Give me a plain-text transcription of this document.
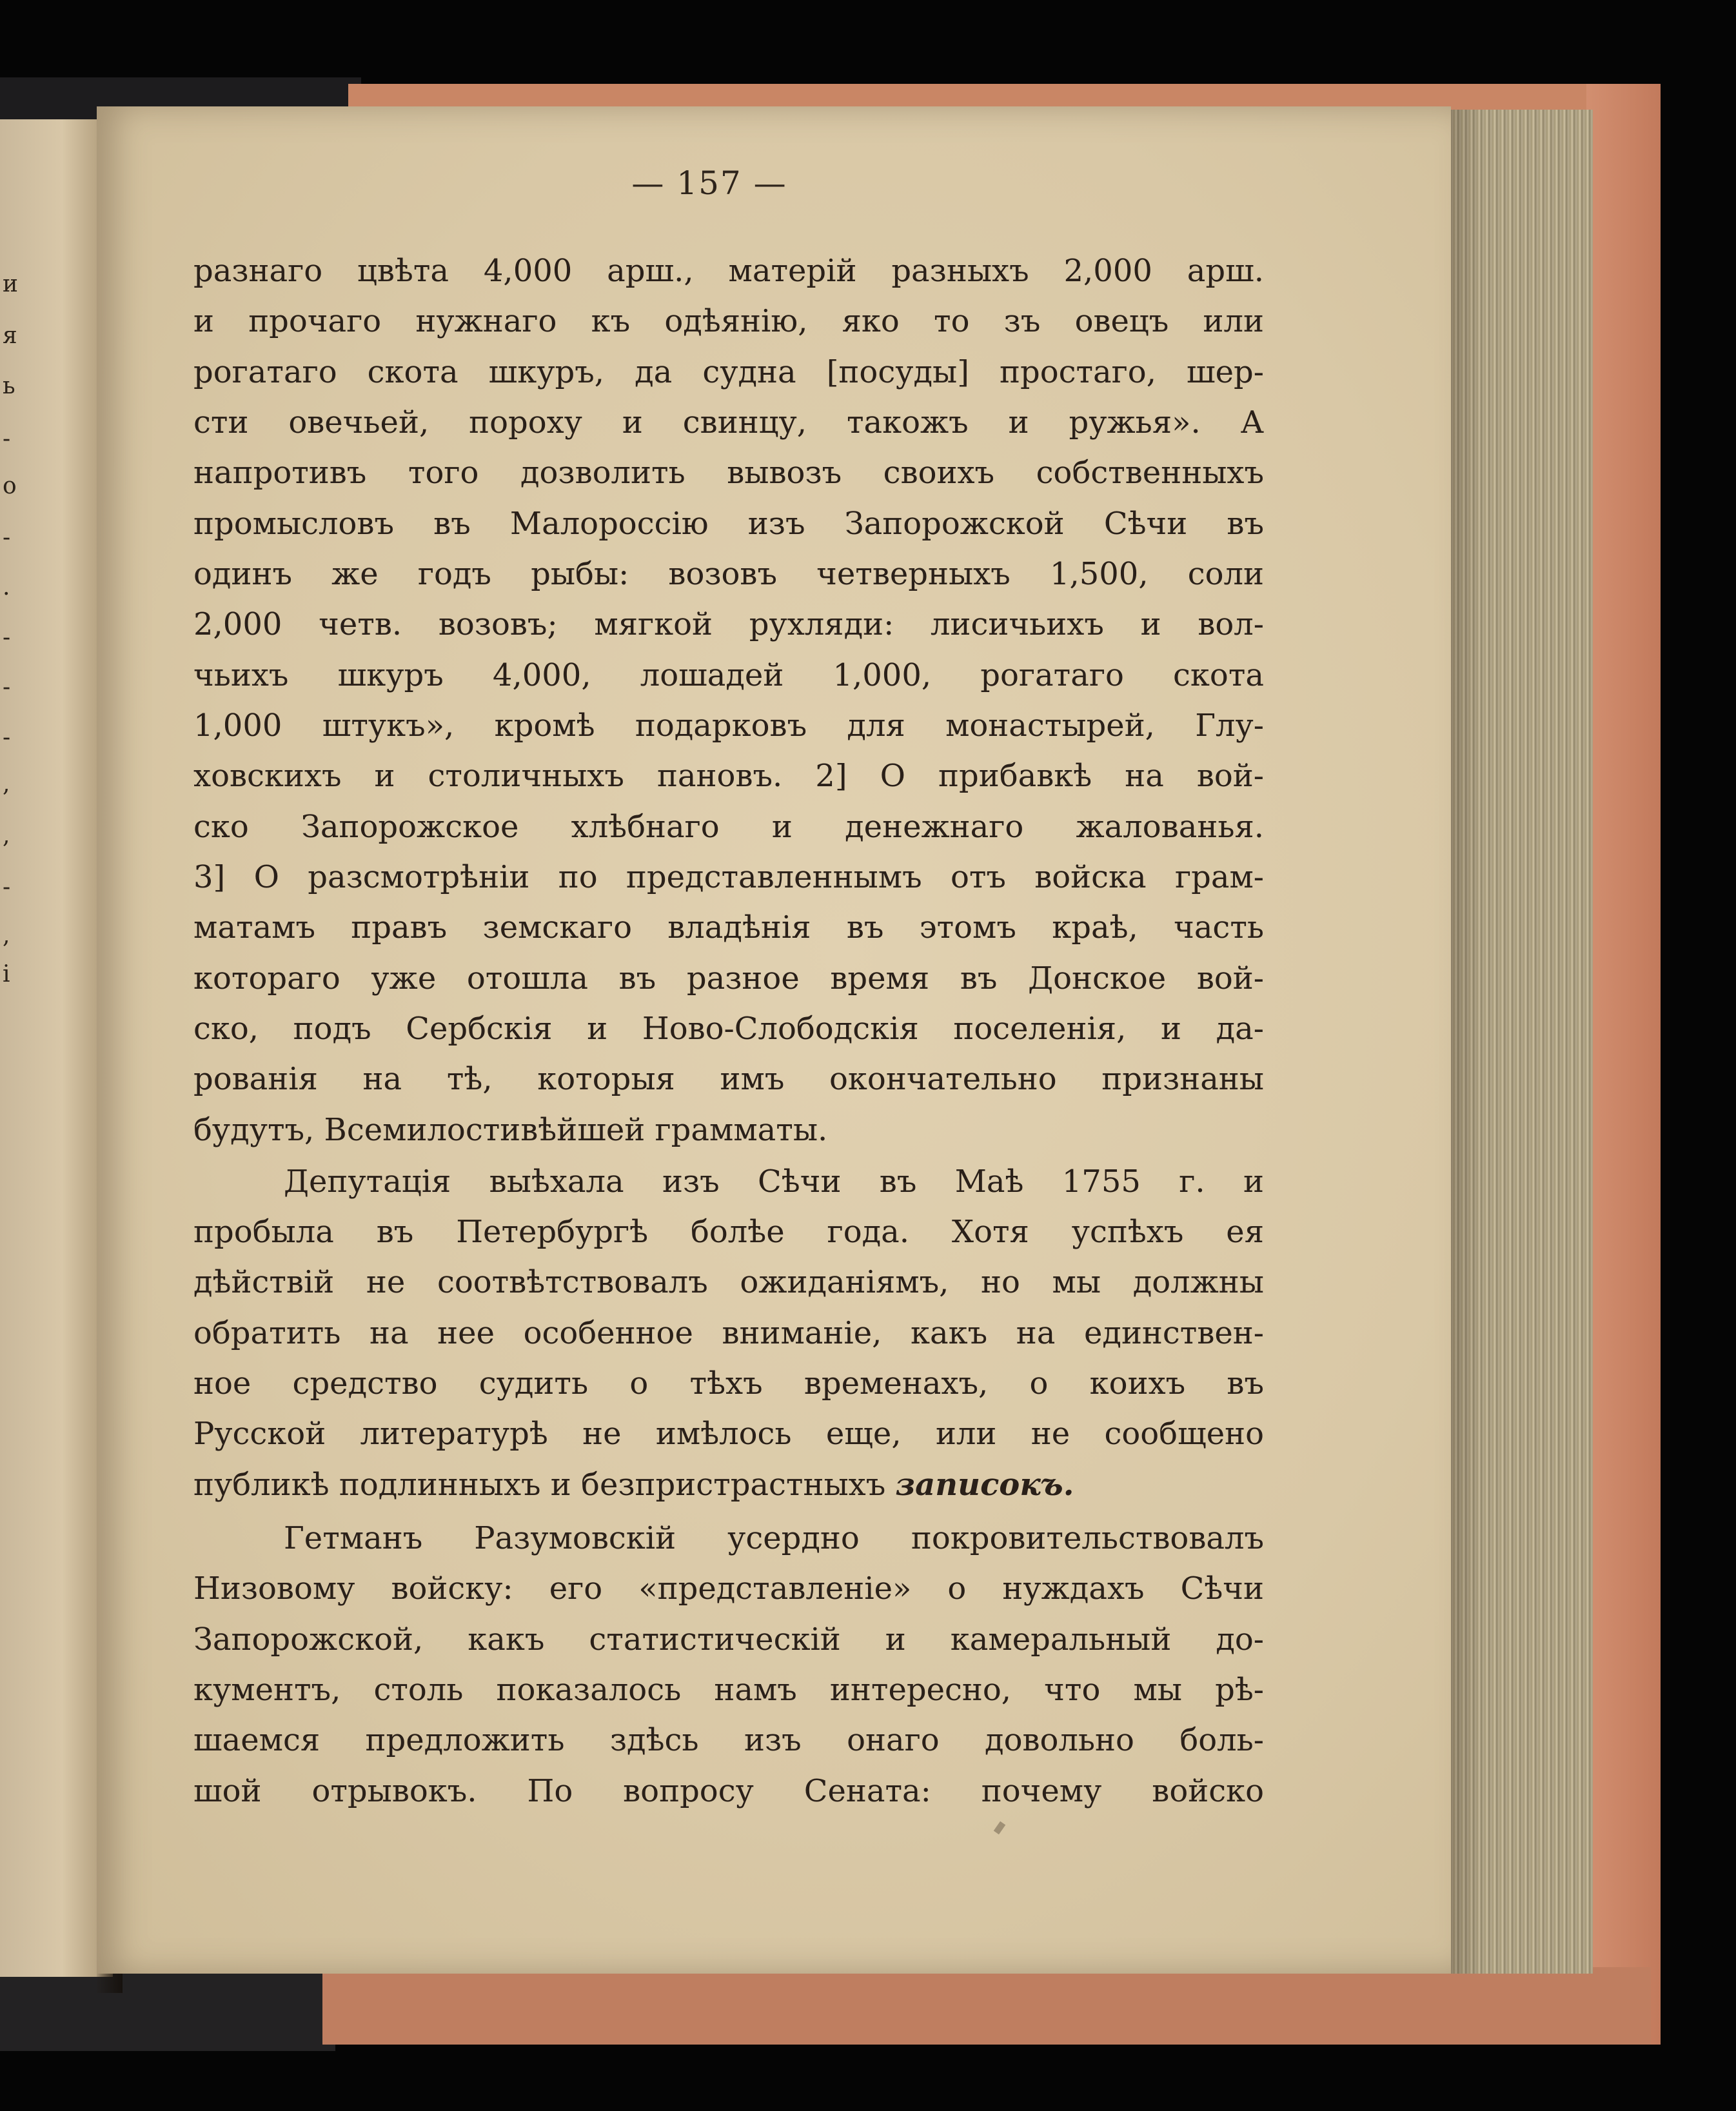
и
я
ь
-
о
-
.
-
-
-
,
,
-
,
і
— 157 —
разнаго цвѣта 4,000 арш., матерій разныхъ 2,000 арш.
и прочаго нужнаго къ одѣянію, яко то зъ овецъ или
рогатаго скота шкуръ, да судна [посуды] простаго, шер-
сти овечьей, пороху и свинцу, такожъ и ружья». А
напротивъ того дозволить вывозъ своихъ собственныхъ
промысловъ въ Малороссію изъ Запорожской Сѣчи въ
одинъ же годъ рыбы: возовъ четверныхъ 1,500, соли
2,000 четв. возовъ; мягкой рухляди: лисичьихъ и вол-
чьихъ шкуръ 4,000, лошадей 1,000, рогатаго скота
1,000 штукъ», кромѣ подарковъ для монастырей, Глу-
ховскихъ и столичныхъ пановъ. 2] О прибавкѣ на вой-
ско Запорожское хлѣбнаго и денежнаго жалованья.
3] О разсмотрѣніи по представленнымъ отъ войска грам-
матамъ правъ земскаго владѣнія въ этомъ краѣ, часть
котораго уже отошла въ разное время въ Донское вой-
ско, подъ Сербскія и Ново-Слободскія поселенія, и да-
рованія на тѣ, которыя имъ окончательно признаны
будутъ, Всемилостивѣйшей грамматы.
Депутація выѣхала изъ Сѣчи въ Маѣ 1755 г. и
пробыла въ Петербургѣ болѣе года. Хотя успѣхъ ея
дѣйствій не соотвѣтствовалъ ожиданіямъ, но мы должны
обратить на нее особенное вниманіе, какъ на единствен-
ное средство судить о тѣхъ временахъ, о коихъ въ
Русской литературѣ не имѣлось еще, или не сообщено
публикѣ подлинныхъ и безпристрастныхъ записокъ.
Гетманъ Разумовскій усердно покровительствовалъ
Низовому войску: его «представленіе» о нуждахъ Сѣчи
Запорожской, какъ статистическій и камеральный до-
кументъ, столь показалось намъ интересно, что мы рѣ-
шаемся предложить здѣсь изъ онаго довольно боль-
шой отрывокъ. По вопросу Сената: почему войско
